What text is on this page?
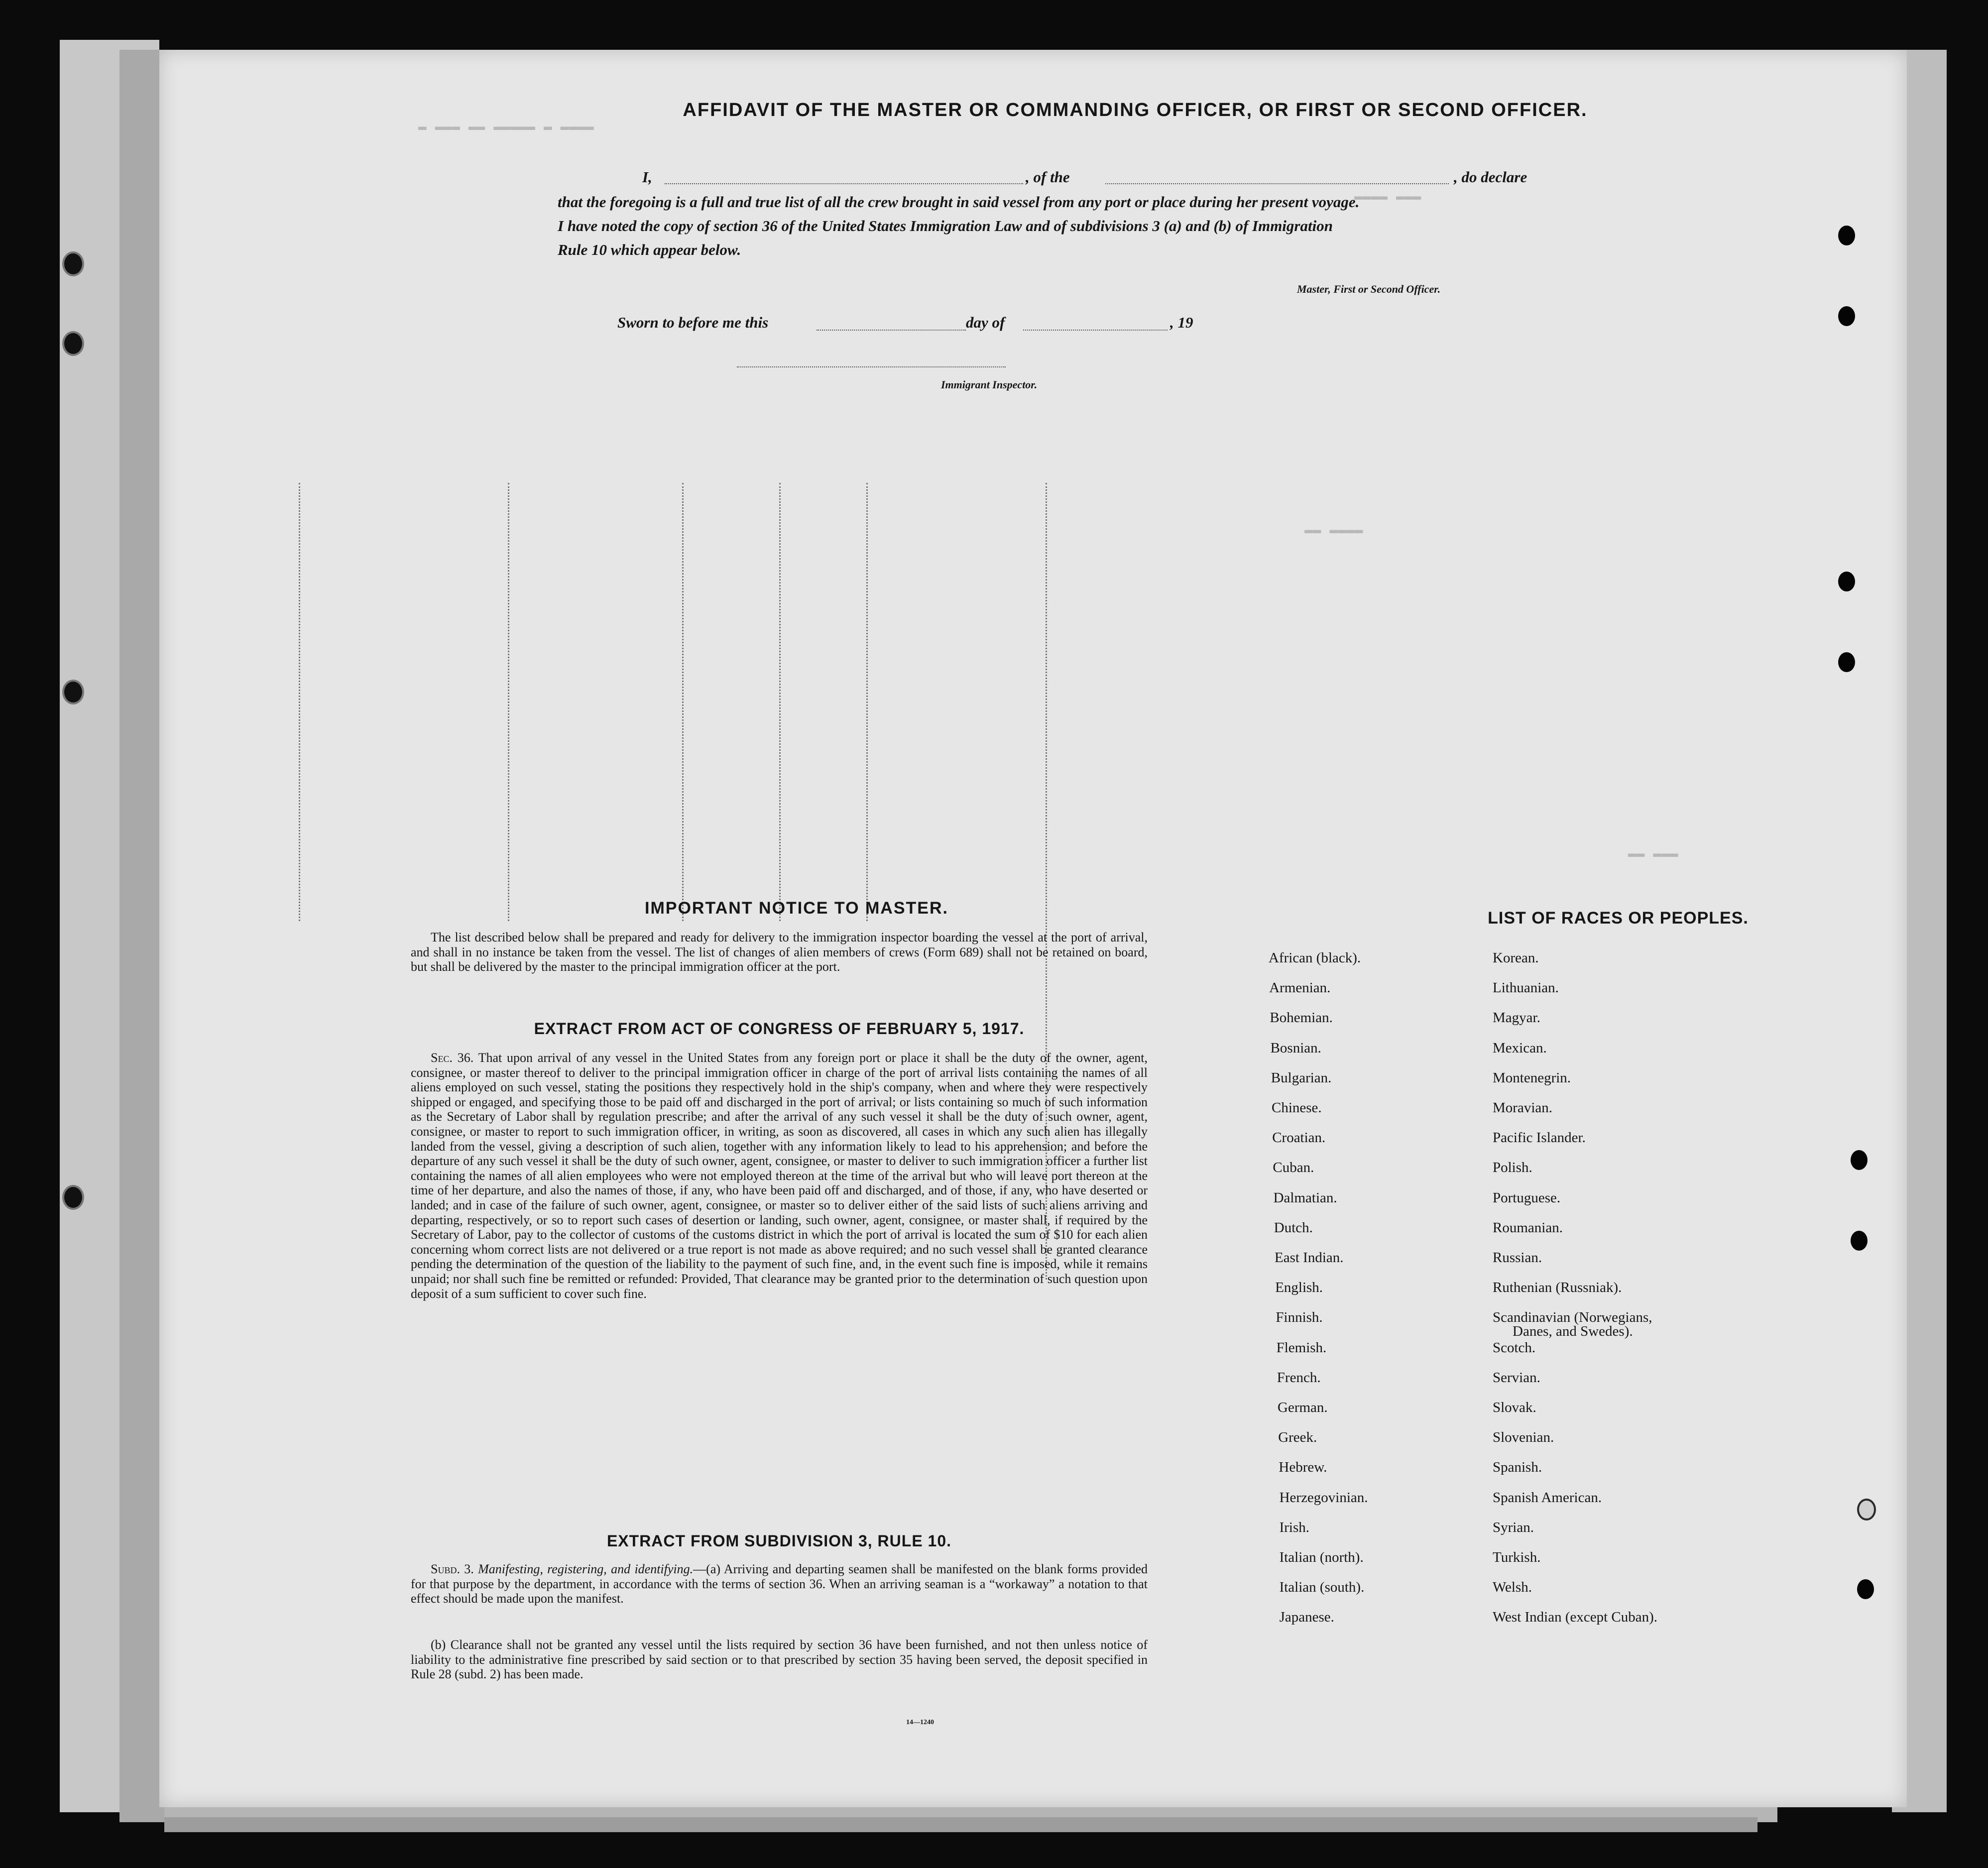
▬ ▬▬▬ ▬▬ ▬▬▬▬▬ ▬ ▬▬▬▬
▬▬▬▬ ▬▬▬
▬▬ ▬▬▬▬
▬▬ ▬▬▬
AFFIDAVIT OF THE MASTER OR COMMANDING OFFICER, OR FIRST OR SECOND OFFICER.
I,	, of the	, do declare
that the foregoing is a full and true list of all the crew brought in said vessel from any port or place during her present voyage.
I have noted the copy of section 36 of the United States Immigration Law and of subdivisions 3 (a) and (b) of Immigration
Rule 10 which appear below.
Master, First or Second Officer.
Sworn to before me this	day of	, 19
Immigrant Inspector.
IMPORTANT NOTICE TO MASTER.
The list described below shall be prepared and ready for delivery to the immigration inspector boarding the vessel at the port of arrival, and shall in no instance be taken from the vessel. The list of changes of alien members of crews (Form 689) shall not be retained on board, but shall be delivered by the master to the principal immigration officer at the port.
EXTRACT FROM ACT OF CONGRESS OF FEBRUARY 5, 1917.
Sec. 36. That upon arrival of any vessel in the United States from any foreign port or place it shall be the duty of the owner, agent, consignee, or master thereof to deliver to the principal immigration officer in charge of the port of arrival lists containing the names of all aliens employed on such vessel, stating the positions they respectively hold in the ship's company, when and where they were respectively shipped or engaged, and specifying those to be paid off and discharged in the port of arrival; or lists containing so much of such information as the Secretary of Labor shall by regulation prescribe; and after the arrival of any such vessel it shall be the duty of such owner, agent, consignee, or master to report to such immigration officer, in writing, as soon as discovered, all cases in which any such alien has illegally landed from the vessel, giving a description of such alien, together with any information likely to lead to his apprehension; and before the departure of any such vessel it shall be the duty of such owner, agent, consignee, or master to deliver to such immigration officer a further list containing the names of all alien employees who were not employed thereon at the time of the arrival but who will leave port thereon at the time of her departure, and also the names of those, if any, who have been paid off and discharged, and of those, if any, who have deserted or landed; and in case of the failure of such owner, agent, consignee, or master so to deliver either of the said lists of such aliens arriving and departing, respectively, or so to report such cases of desertion or landing, such owner, agent, consignee, or master shall, if required by the Secretary of Labor, pay to the collector of customs of the customs district in which the port of arrival is located the sum of $10 for each alien concerning whom correct lists are not delivered or a true report is not made as above required; and no such vessel shall be granted clearance pending the determination of the question of the liability to the payment of such fine, and, in the event such fine is imposed, while it remains unpaid; nor shall such fine be remitted or refunded: Provided, That clearance may be granted prior to the determination of such question upon deposit of a sum sufficient to cover such fine.
EXTRACT FROM SUBDIVISION 3, RULE 10.
Subd. 3. Manifesting, registering, and identifying.—(a) Arriving and departing seamen shall be manifested on the blank forms provided for that purpose by the department, in accordance with the terms of section 36. When an arriving seaman is a “workaway” a notation to that effect should be made upon the manifest.
(b) Clearance shall not be granted any vessel until the lists required by section 36 have been furnished, and not then unless notice of liability to the administrative fine prescribed by said section or to that prescribed by section 35 having been served, the deposit specified in Rule 28 (subd. 2) has been made.
14—1240
LIST OF RACES OR PEOPLES.
African (black).
Armenian.
Bohemian.
Bosnian.
Bulgarian.
Chinese.
Croatian.
Cuban.
Dalmatian.
Dutch.
East Indian.
English.
Finnish.
Flemish.
French.
German.
Greek.
Hebrew.
Herzegovinian.
Irish.
Italian (north).
Italian (south).
Japanese.
Korean.
Lithuanian.
Magyar.
Mexican.
Montenegrin.
Moravian.
Pacific Islander.
Polish.
Portuguese.
Roumanian.
Russian.
Ruthenian (Russniak).
Scandinavian (Norwegians,
Danes, and Swedes).
Scotch.
Servian.
Slovak.
Slovenian.
Spanish.
Spanish American.
Syrian.
Turkish.
Welsh.
West Indian (except Cuban).
